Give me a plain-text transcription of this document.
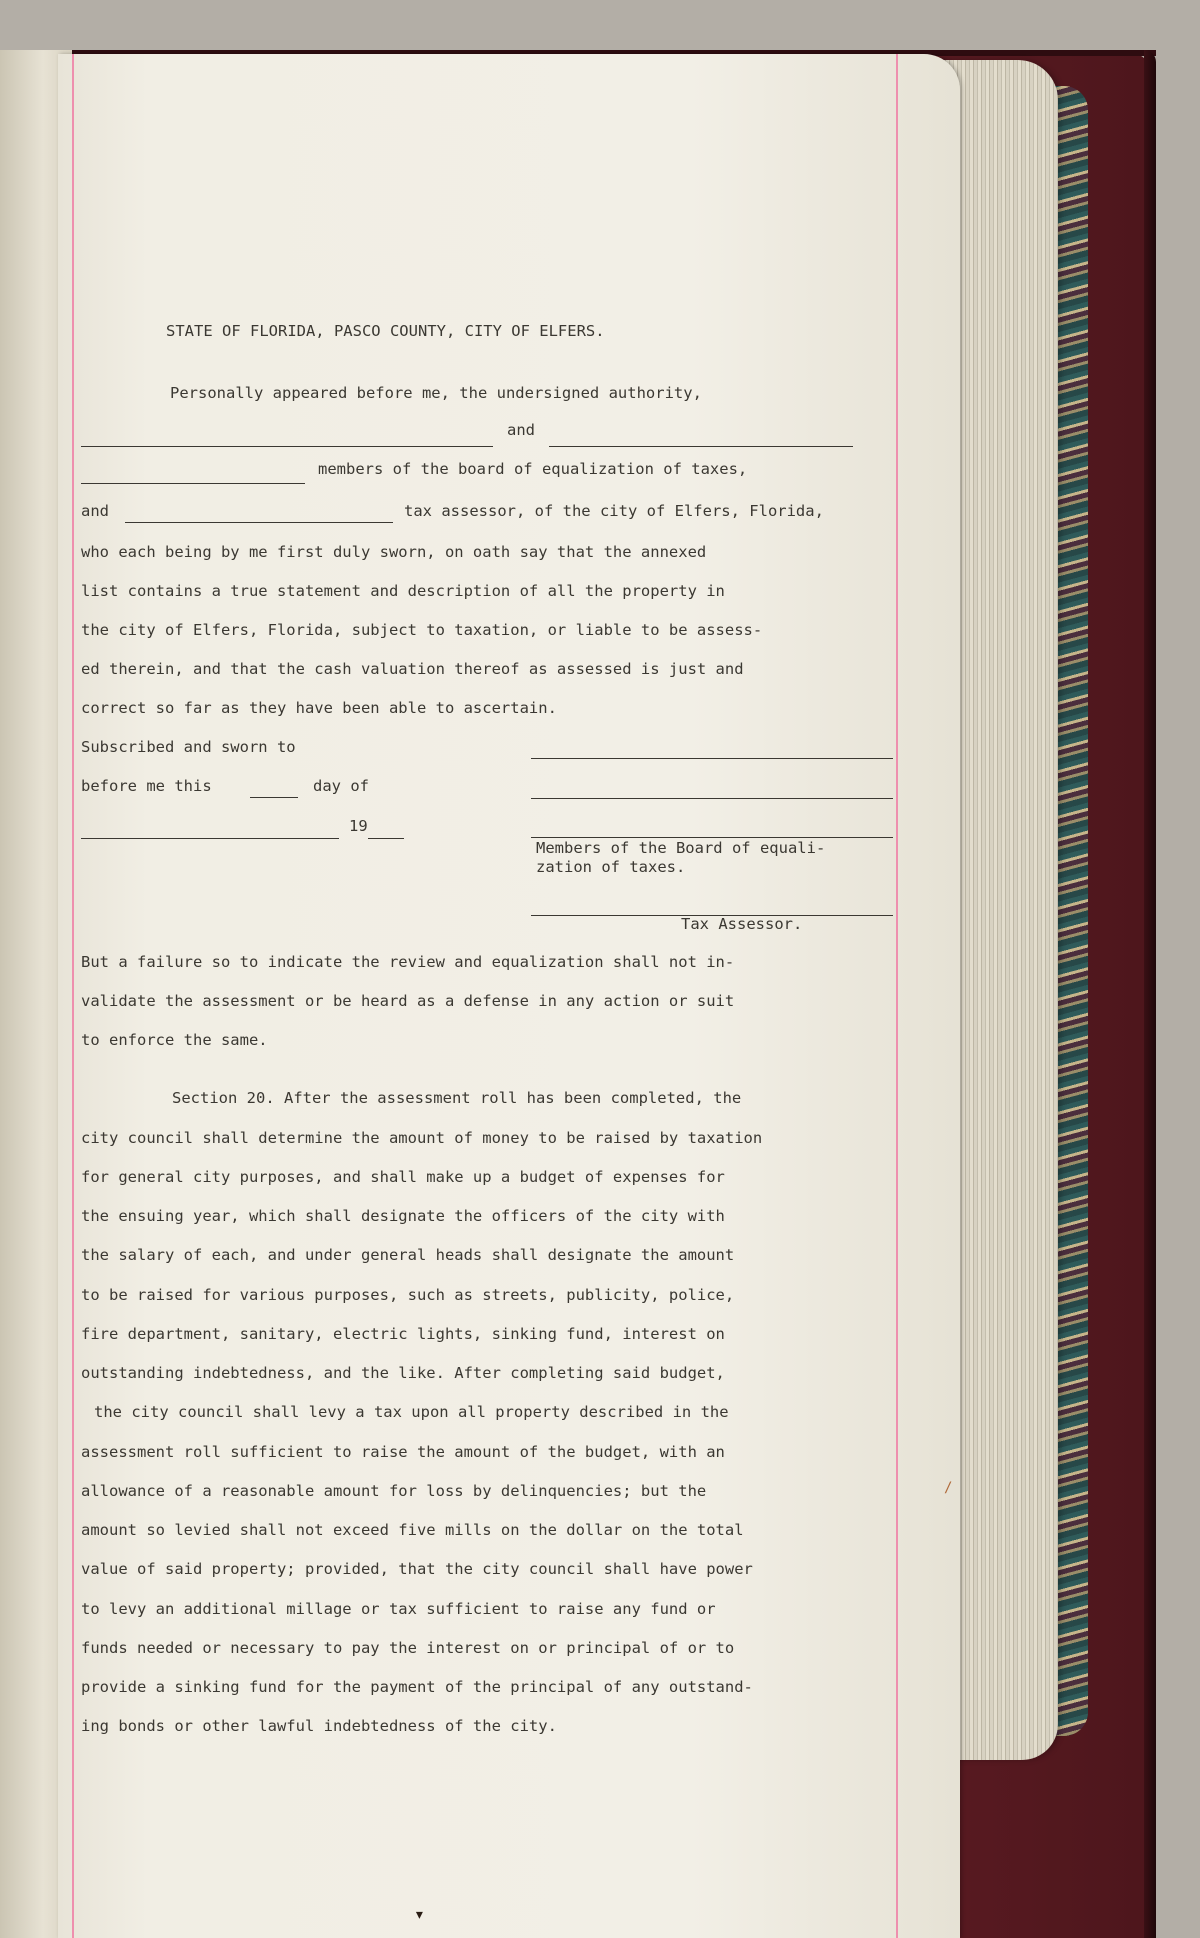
STATE OF FLORIDA, PASCO COUNTY, CITY OF ELFERS.
Personally appeared before me, the undersigned authority,
and
members of the board of equalization of taxes,
and	tax assessor, of the city of Elfers, Florida,
who each being by me first duly sworn, on oath say that the annexed
list contains a true statement and description of all the property in
the city of Elfers, Florida, subject to taxation, or liable to be assess-
ed therein, and that the cash valuation thereof as assessed is just and
correct so far as they have been able to ascertain.
Subscribed and sworn to
before me this	day of
19
Members of the Board of equali-
zation of taxes.
Tax Assessor.
But a failure so to indicate the review and equalization shall not in-
validate the assessment or be heard as a defense in any action or suit
to enforce the same.
Section 20. After the assessment roll has been completed, the
city council shall determine the amount of money to be raised by taxation
for general city purposes, and shall make up a budget of expenses for
the ensuing year, which shall designate the officers of the city with
the salary of each, and under general heads shall designate the amount
to be raised for various purposes, such as streets, publicity, police,
fire department, sanitary, electric lights, sinking fund, interest on
outstanding indebtedness, and the like. After completing said budget,
the city council shall levy a tax upon all property described in the
assessment roll sufficient to raise the amount of the budget, with an
allowance of a reasonable amount for loss by delinquencies; but the
amount so levied shall not exceed five mills on the dollar on the total
value of said property; provided, that the city council shall have power
to levy an additional millage or tax sufficient to raise any fund or
funds needed or necessary to pay the interest on or principal of or to
provide a sinking fund for the payment of the principal of any outstand-
ing bonds or other lawful indebtedness of the city.
▾
/
